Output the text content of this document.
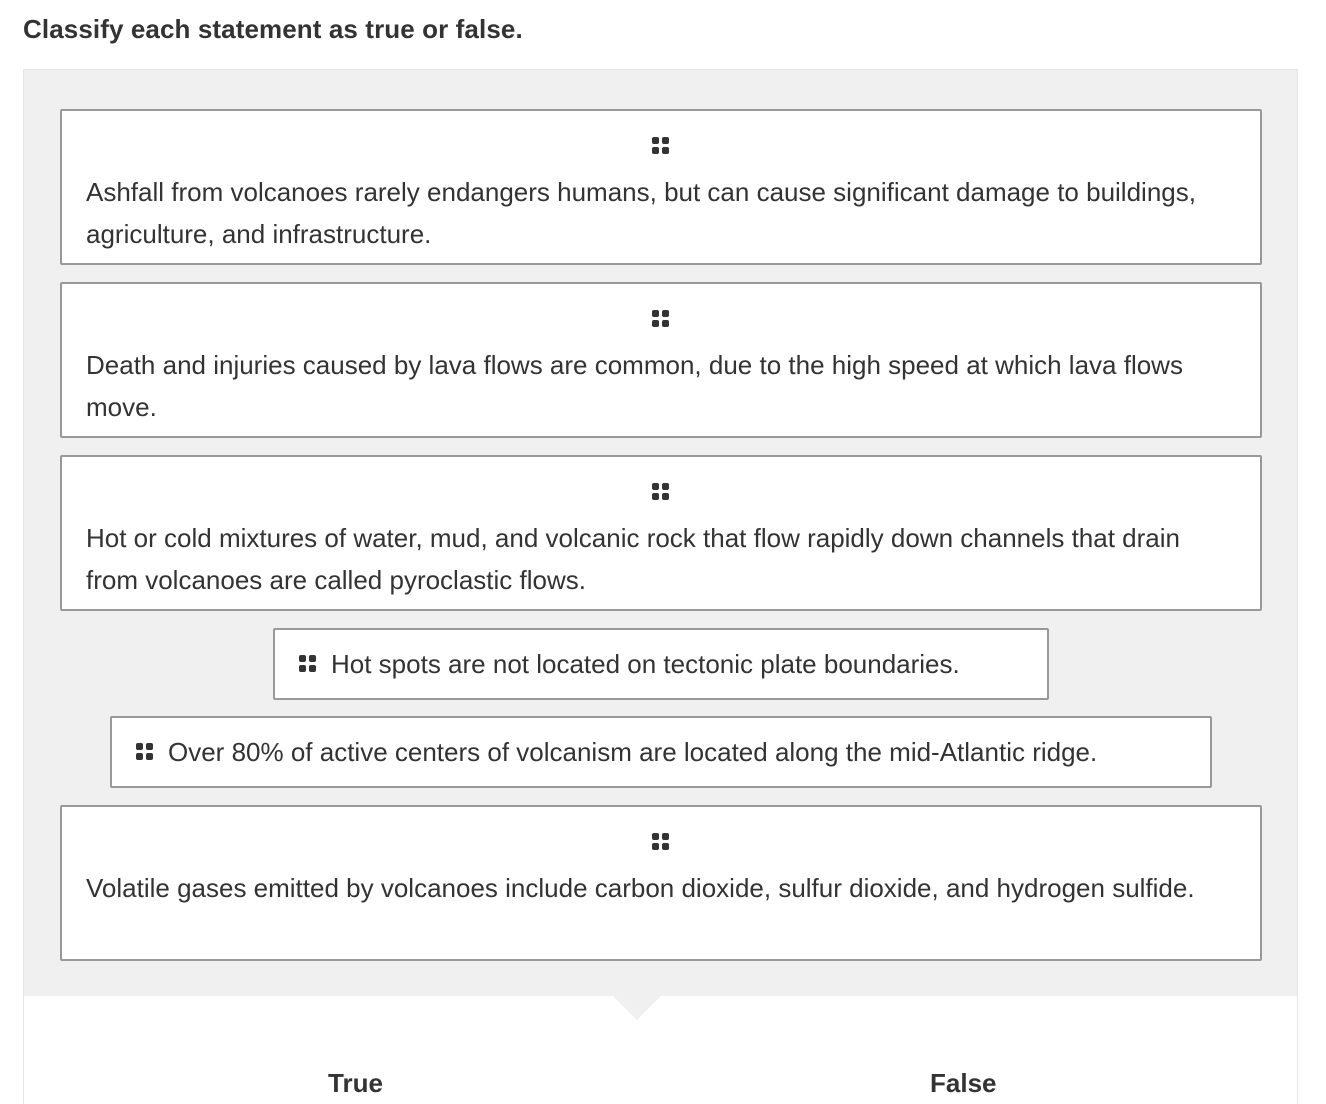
Classify each statement as true or false.
Ashfall from volcanoes rarely endangers humans, but can cause significant damage to buildings, agriculture, and infrastructure.
Death and injuries caused by lava flows are common, due to the high speed at which lava flows move.
Hot or cold mixtures of water, mud, and volcanic rock that flow rapidly down channels that drain from volcanoes are called pyroclastic flows.
Hot spots are not located on tectonic plate boundaries.
Over 80% of active centers of volcanism are located along the mid-Atlantic ridge.
Volatile gases emitted by volcanoes include carbon dioxide, sulfur dioxide, and hydrogen sulfide.
True	False
